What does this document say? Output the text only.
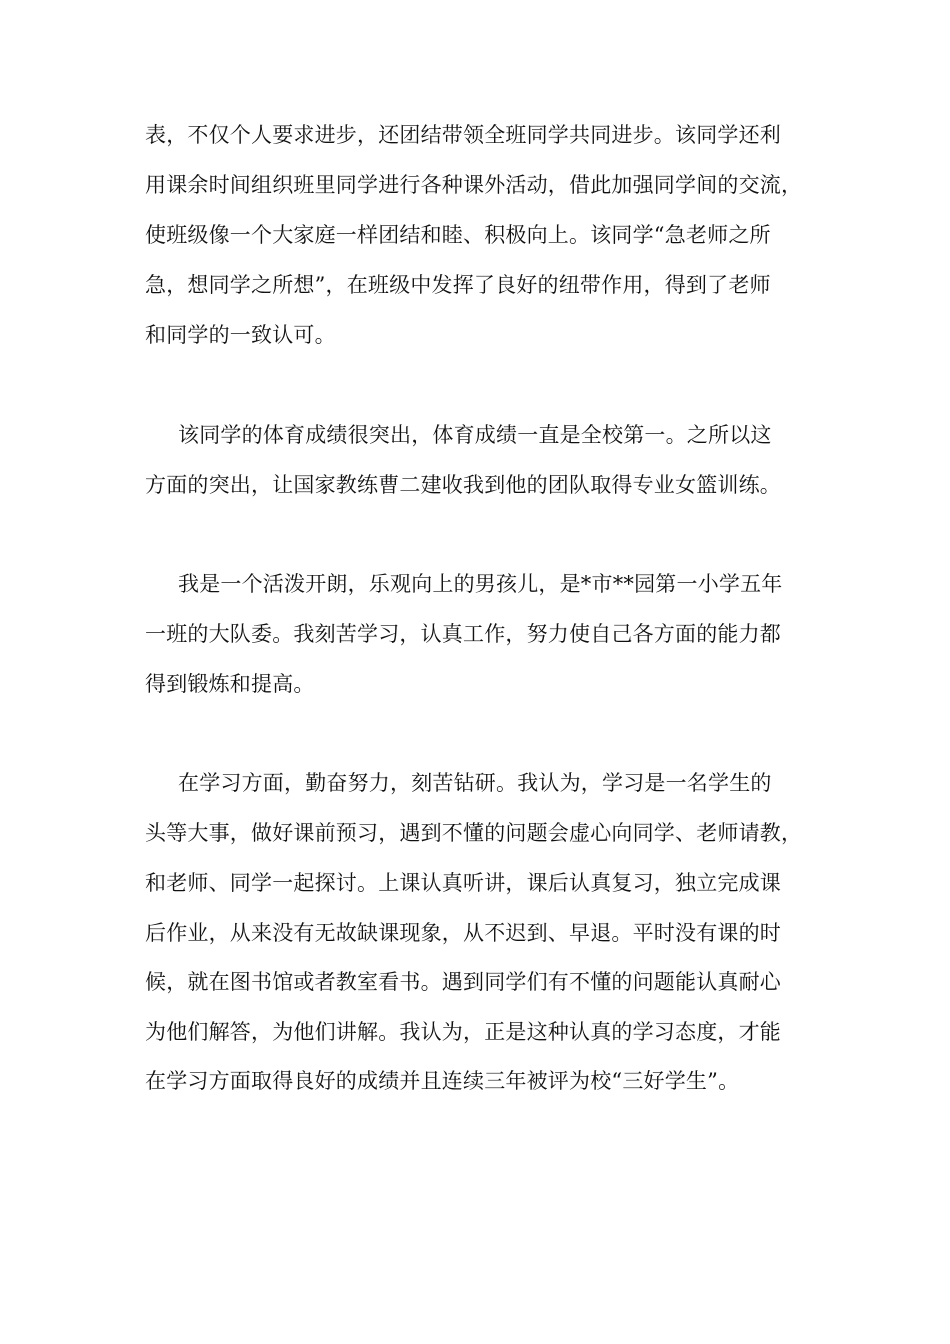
表，不仅个人要求进步，还团结带领全班同学共同进步。该同学还利
用课余时间组织班里同学进行各种课外活动，借此加强同学间的交流，
使班级像一个大家庭一样团结和睦、积极向上。该同学“急老师之所
急，想同学之所想”，在班级中发挥了良好的纽带作用，得到了老师
和同学的一致认可。
该同学的体育成绩很突出，体育成绩一直是全校第一。之所以这
方面的突出，让国家教练曹二建收我到他的团队取得专业女篮训练。
我是一个活泼开朗，乐观向上的男孩儿，是*市**园第一小学五年
一班的大队委。我刻苦学习，认真工作，努力使自己各方面的能力都
得到锻炼和提高。
在学习方面，勤奋努力，刻苦钻研。我认为，学习是一名学生的
头等大事，做好课前预习，遇到不懂的问题会虚心向同学、老师请教，
和老师、同学一起探讨。上课认真听讲，课后认真复习，独立完成课
后作业，从来没有无故缺课现象，从不迟到、早退。平时没有课的时
候，就在图书馆或者教室看书。遇到同学们有不懂的问题能认真耐心
为他们解答，为他们讲解。我认为，正是这种认真的学习态度，才能
在学习方面取得良好的成绩并且连续三年被评为校“三好学生”。
